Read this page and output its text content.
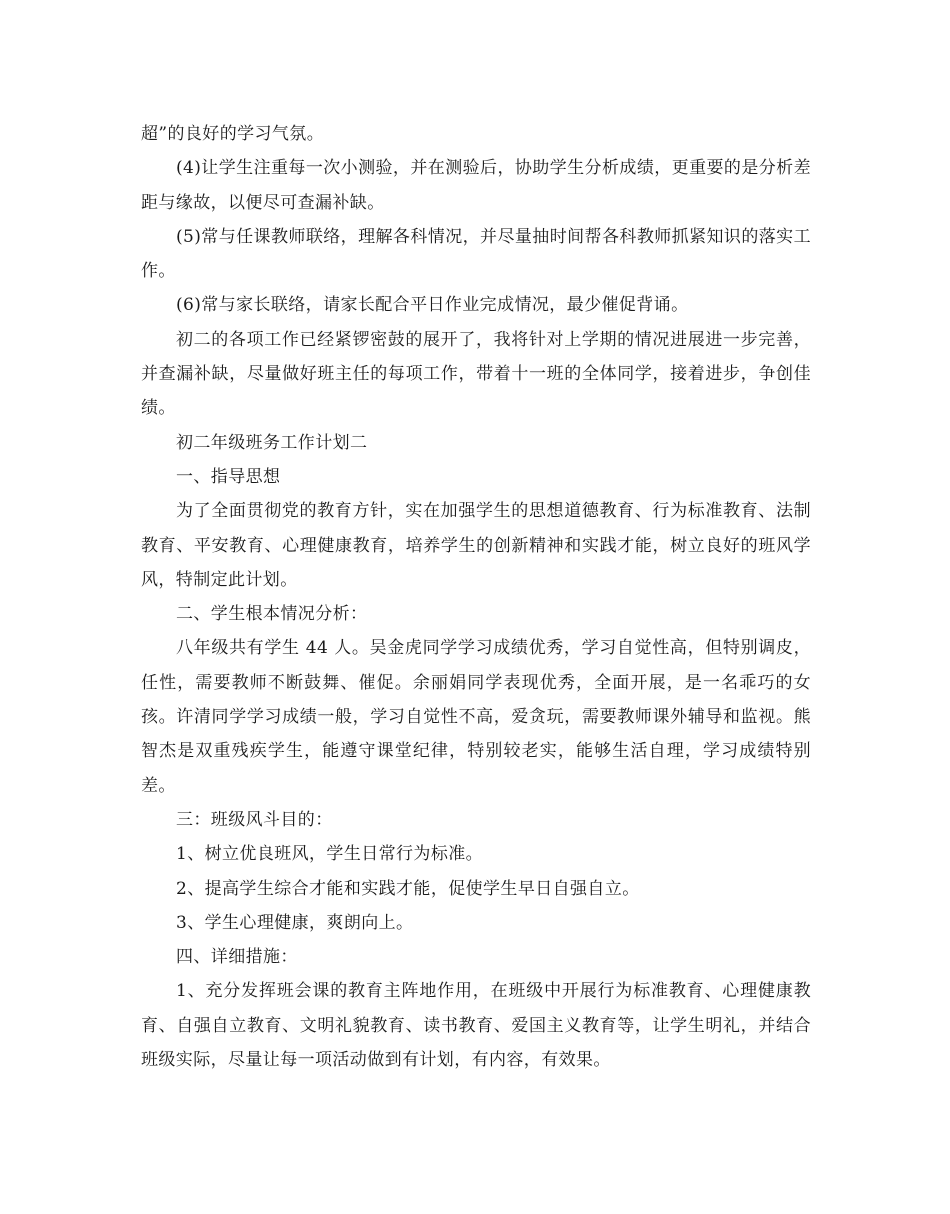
超”的良好的学习气氛。

(4)让学生注重每一次小测验，并在测验后，协助学生分析成绩，更重要的是分析差距与缘故，以便尽可查漏补缺。

(5)常与任课教师联络，理解各科情况，并尽量抽时间帮各科教师抓紧知识的落实工作。

(6)常与家长联络，请家长配合平日作业完成情况，最少催促背诵。

初二的各项工作已经紧锣密鼓的展开了，我将针对上学期的情况进展进一步完善，并查漏补缺，尽量做好班主任的每项工作，带着十一班的全体同学，接着进步，争创佳绩。

初二年级班务工作计划二

一、指导思想

为了全面贯彻党的教育方针，实在加强学生的思想道德教育、行为标准教育、法制教育、平安教育、心理健康教育，培养学生的创新精神和实践才能，树立良好的班风学风，特制定此计划。

二、学生根本情况分析：

八年级共有学生 44 人。吴金虎同学学习成绩优秀，学习自觉性高，但特别调皮，任性，需要教师不断鼓舞、催促。余丽娟同学表现优秀，全面开展，是一名乖巧的女孩。许清同学学习成绩一般，学习自觉性不高，爱贪玩，需要教师课外辅导和监视。熊智杰是双重残疾学生，能遵守课堂纪律，特别较老实，能够生活自理，学习成绩特别差。

三：班级风斗目的：

1、树立优良班风，学生日常行为标准。

2、提高学生综合才能和实践才能，促使学生早日自强自立。

3、学生心理健康，爽朗向上。

四、详细措施：

1、充分发挥班会课的教育主阵地作用，在班级中开展行为标准教育、心理健康教育、自强自立教育、文明礼貌教育、读书教育、爱国主义教育等，让学生明礼，并结合班级实际，尽量让每一项活动做到有计划，有内容，有效果。
